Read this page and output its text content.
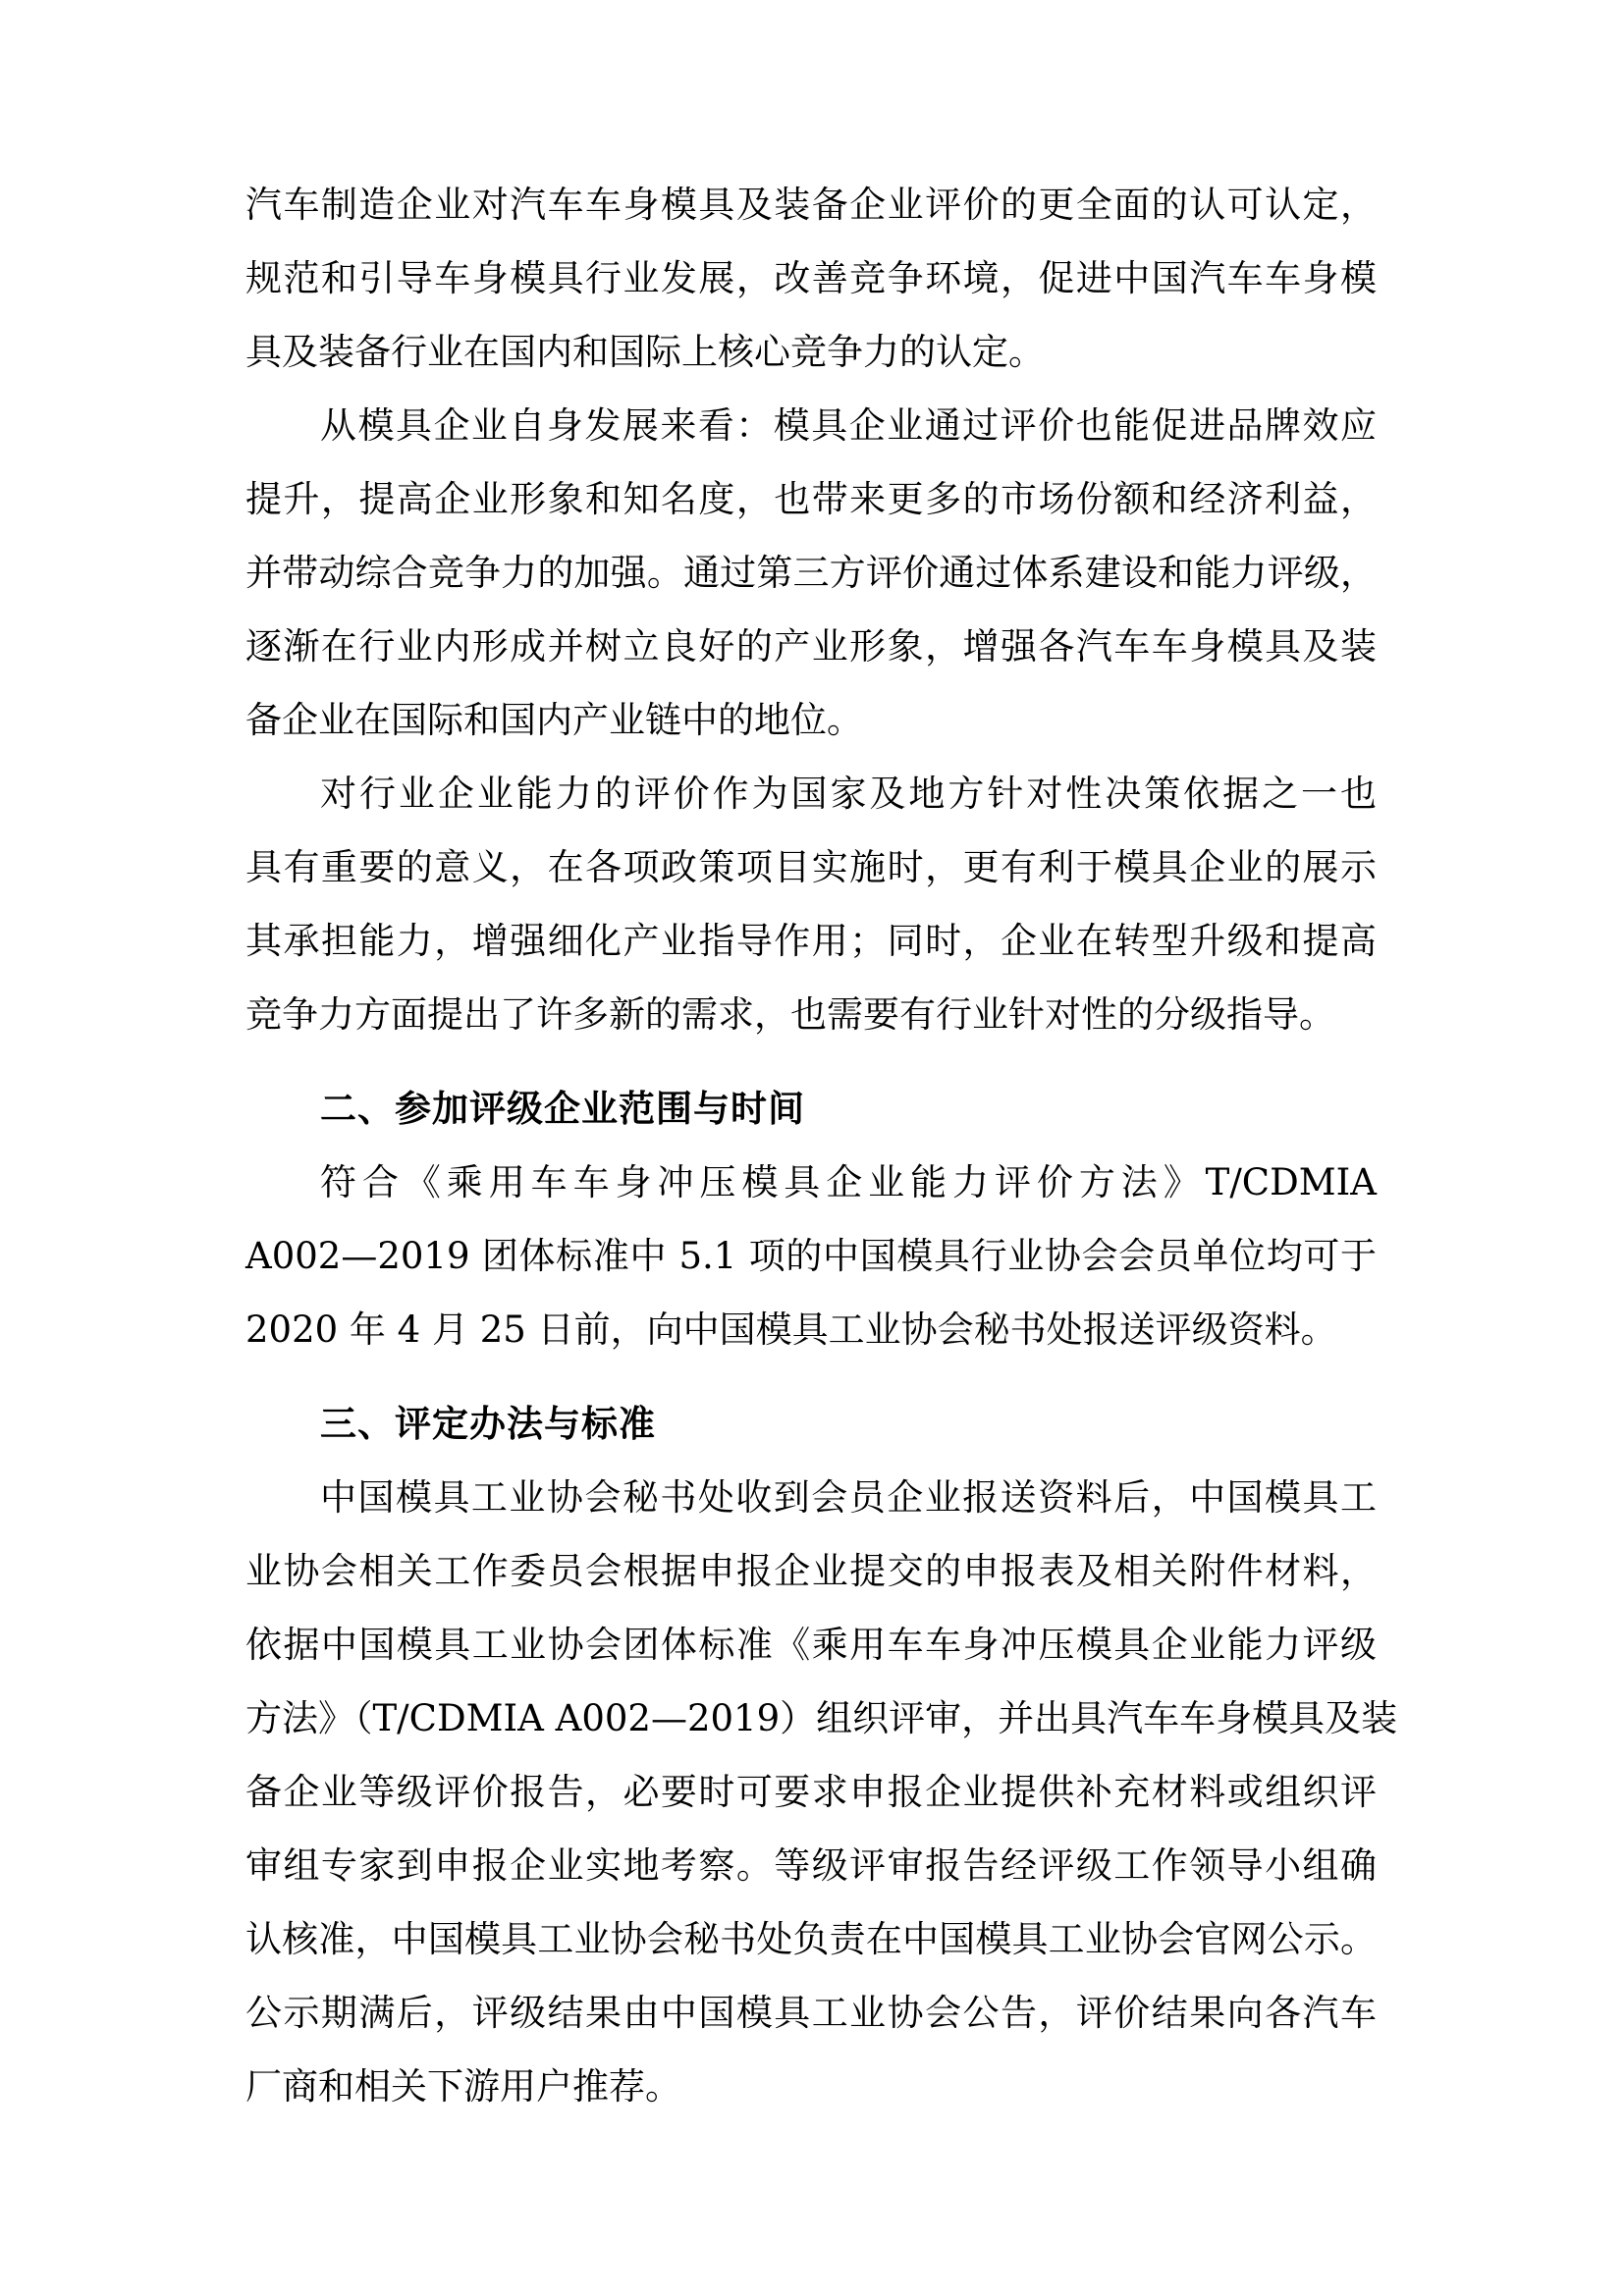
汽车制造企业对汽车车身模具及装备企业评价的更全面的认可认定，
规范和引导车身模具行业发展，改善竞争环境，促进中国汽车车身模
具及装备行业在国内和国际上核心竞争力的认定。
从模具企业自身发展来看：模具企业通过评价也能促进品牌效应
提升，提高企业形象和知名度，也带来更多的市场份额和经济利益，
并带动综合竞争力的加强。通过第三方评价通过体系建设和能力评级，
逐渐在行业内形成并树立良好的产业形象，增强各汽车车身模具及装
备企业在国际和国内产业链中的地位。
对行业企业能力的评价作为国家及地方针对性决策依据之一也
具有重要的意义，在各项政策项目实施时，更有利于模具企业的展示
其承担能力，增强细化产业指导作用；同时，企业在转型升级和提高
竞争力方面提出了许多新的需求，也需要有行业针对性的分级指导。
二、参加评级企业范围与时间
符合《乘用车车身冲压模具企业能力评价方法》T/CDMIA
A002—2019 团体标准中 5.1 项的中国模具行业协会会员单位均可于
2020 年 4 月 25 日前，向中国模具工业协会秘书处报送评级资料。
三、评定办法与标准
中国模具工业协会秘书处收到会员企业报送资料后，中国模具工
业协会相关工作委员会根据申报企业提交的申报表及相关附件材料，
依据中国模具工业协会团体标准《乘用车车身冲压模具企业能力评级
方法》（T/CDMIA A002—2019）组织评审，并出具汽车车身模具及装
备企业等级评价报告，必要时可要求申报企业提供补充材料或组织评
审组专家到申报企业实地考察。等级评审报告经评级工作领导小组确
认核准，中国模具工业协会秘书处负责在中国模具工业协会官网公示。
公示期满后，评级结果由中国模具工业协会公告，评价结果向各汽车
厂商和相关下游用户推荐。
